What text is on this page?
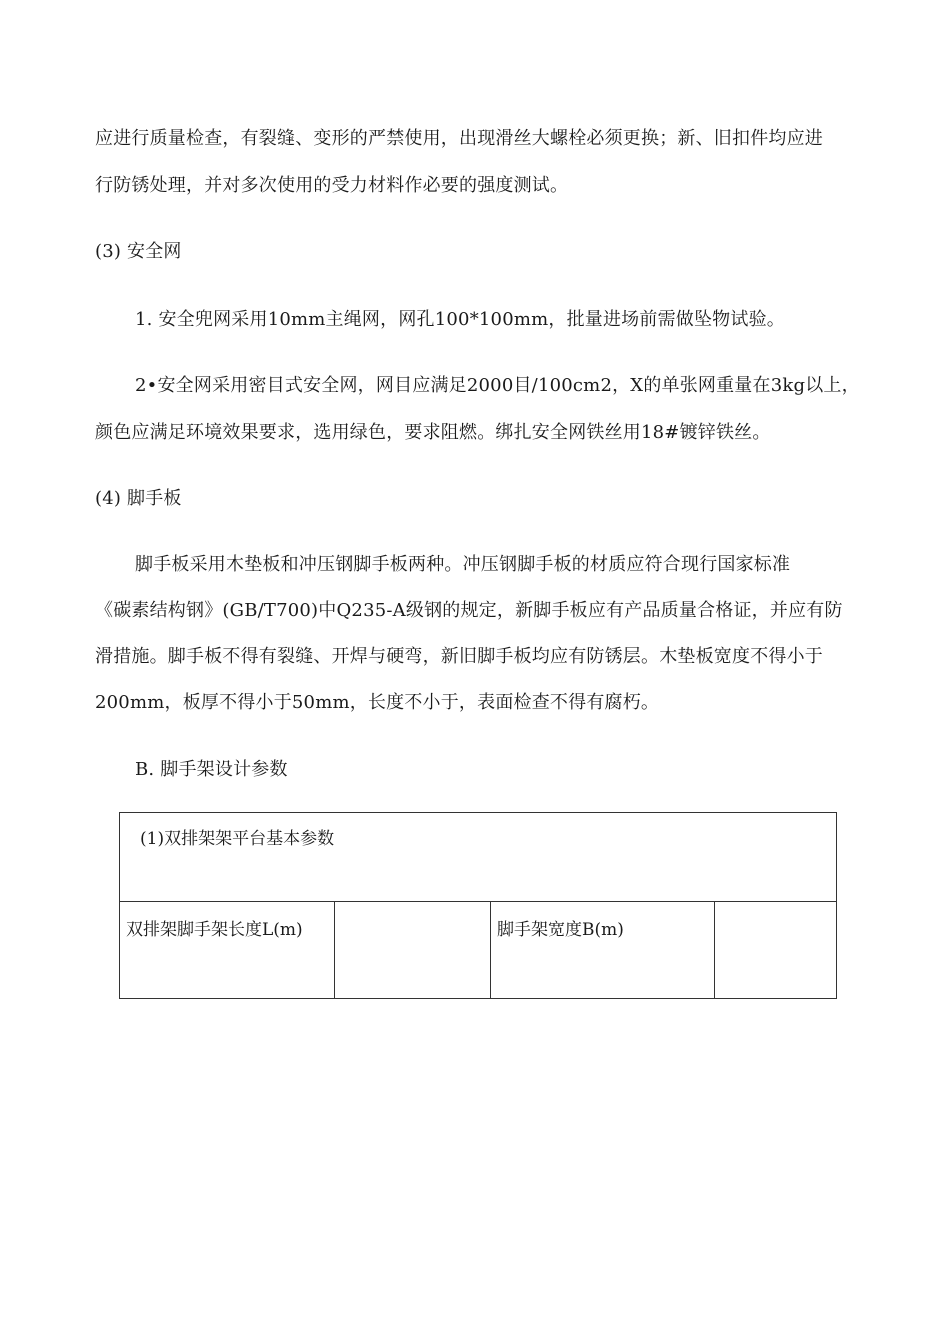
应进行质量检查，有裂缝、变形的严禁使用，出现滑丝大螺栓必须更换；新、旧扣件均应进
行防锈处理，并对多次使用的受力材料作必要的强度测试。
(3) 安全网
1. 安全兜网采用10mm主绳网，网孔100*100mm，批量进场前需做坠物试验。
2•安全网采用密目式安全网，网目应满足2000目/100cm2，X的单张网重量在3kg以上，
颜色应满足环境效果要求，选用绿色，要求阻燃。绑扎安全网铁丝用18#镀锌铁丝。
(4) 脚手板
脚手板采用木垫板和冲压钢脚手板两种。冲压钢脚手板的材质应符合现行国家标准
《碳素结构钢》(GB/T700)中Q235-A级钢的规定，新脚手板应有产品质量合格证，并应有防
滑措施。脚手板不得有裂缝、开焊与硬弯，新旧脚手板均应有防锈层。木垫板宽度不得小于
200mm，板厚不得小于50mm，长度不小于，表面检查不得有腐朽。
B. 脚手架设计参数
(1)双排架架平台基本参数
双排架脚手架长度L(m)		脚手架宽度B(m)	
